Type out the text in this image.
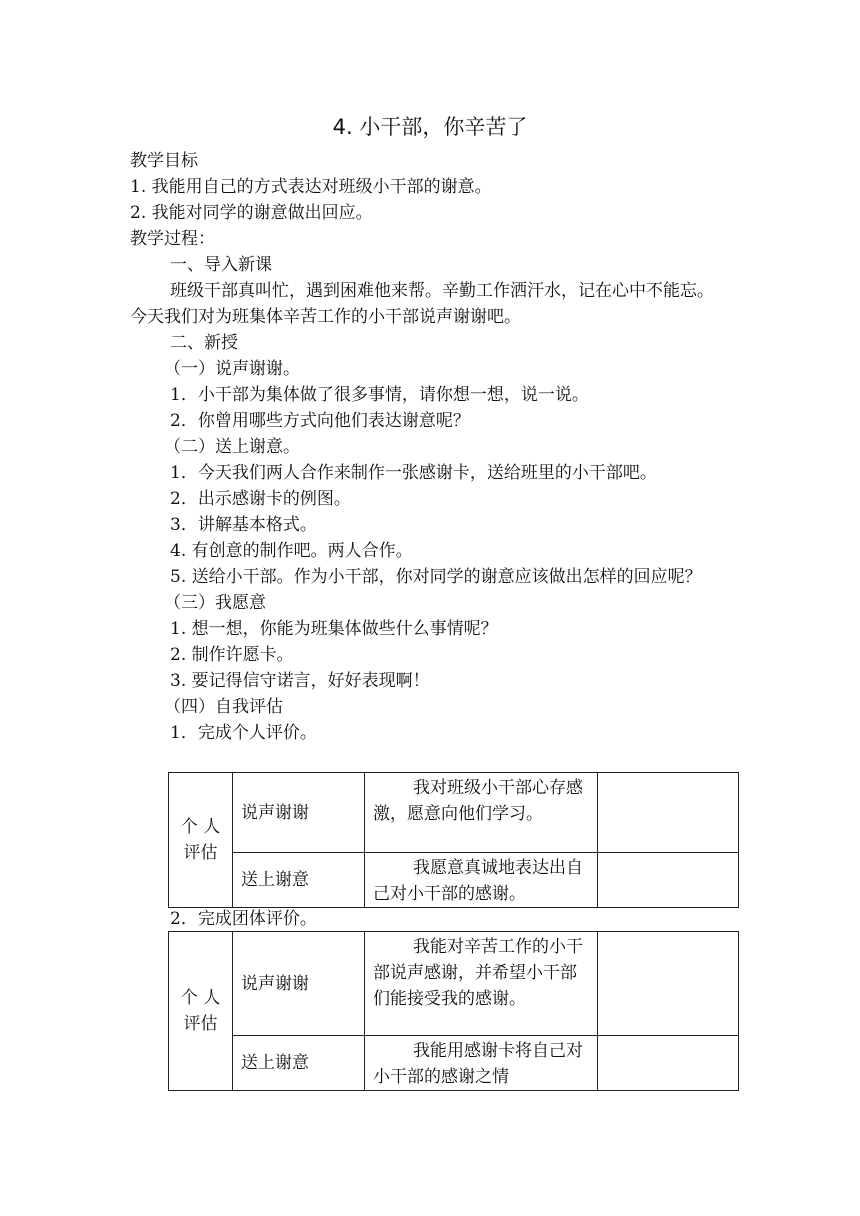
4. 小干部，你辛苦了
教学目标
1. 我能用自己的方式表达对班级小干部的谢意。
2. 我能对同学的谢意做出回应。
教学过程：
一、导入新课
班级干部真叫忙，遇到困难他来帮。辛勤工作洒汗水，记在心中不能忘。今天我们对为班集体辛苦工作的小干部说声谢谢吧。
二、新授
（一）说声谢谢。
1．小干部为集体做了很多事情，请你想一想，说一说。
2．你曾用哪些方式向他们表达谢意呢？
（二）送上谢意。
1．今天我们两人合作来制作一张感谢卡，送给班里的小干部吧。
2．出示感谢卡的例图。
3．讲解基本格式。
4. 有创意的制作吧。两人合作。
5. 送给小干部。作为小干部，你对同学的谢意应该做出怎样的回应呢？
（三）我愿意
1. 想一想，你能为班集体做些什么事情呢？
2. 制作许愿卡。
3. 要记得信守诺言，好好表现啊！
（四）自我评估
1．完成个人评价。
个 人
评估	说声谢谢	我对班级小干部心存感激，愿意向他们学习。	
	送上谢意	我愿意真诚地表达出自己对小干部的感谢。	
2．完成团体评价。
个 人
评估	说声谢谢	我能对辛苦工作的小干部说声感谢，并希望小干部们能接受我的感谢。	
	送上谢意	我能用感谢卡将自己对小干部的感谢之情	
